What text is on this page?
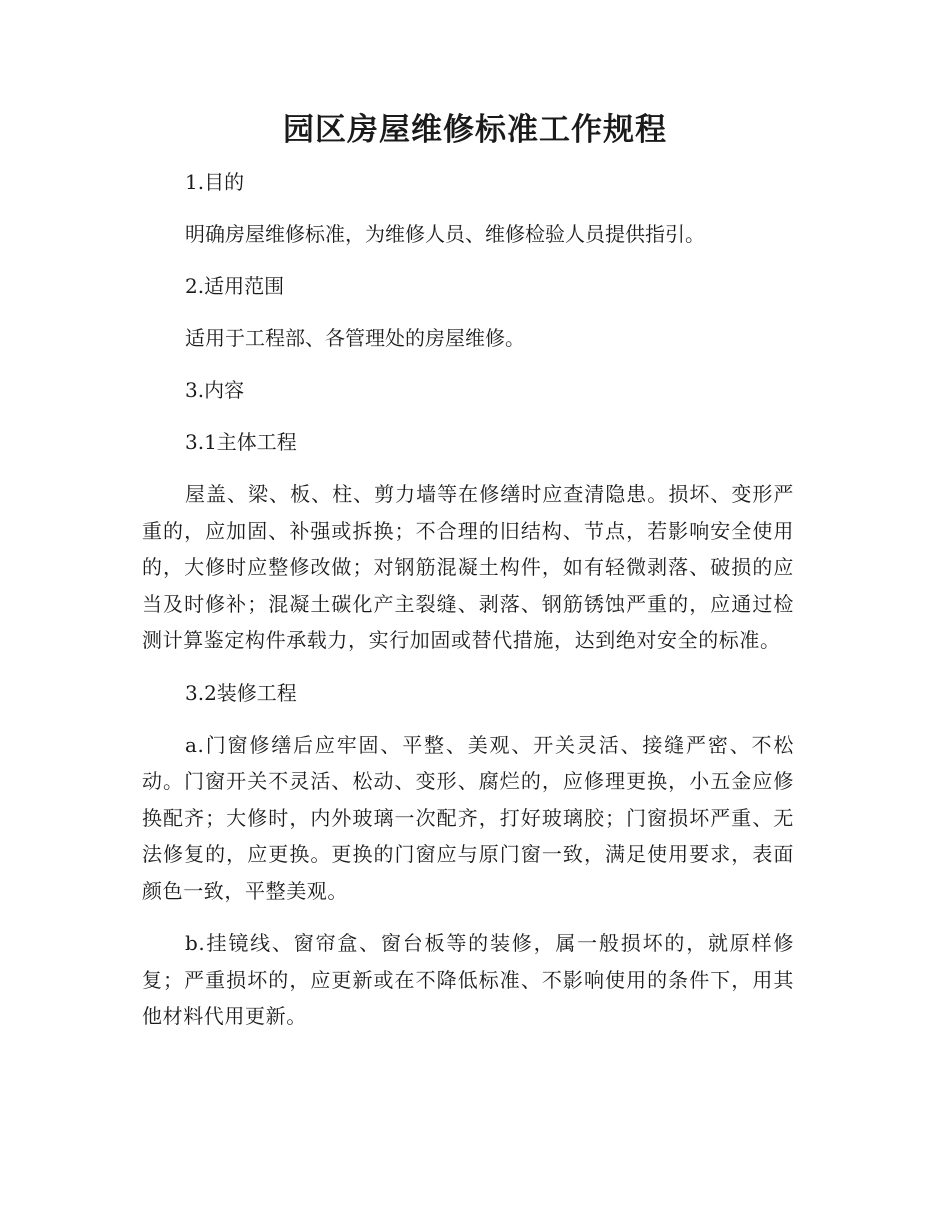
园区房屋维修标准工作规程

1.目的

明确房屋维修标准，为维修人员、维修检验人员提供指引。

2.适用范围

适用于工程部、各管理处的房屋维修。

3.内容

3.1主体工程

屋盖、梁、板、柱、剪力墙等在修缮时应查清隐患。损坏、变形严重的，应加固、补强或拆换；不合理的旧结构、节点，若影响安全使用的，大修时应整修改做；对钢筋混凝土构件，如有轻微剥落、破损的应当及时修补；混凝土碳化产主裂缝、剥落、钢筋锈蚀严重的，应通过检测计算鉴定构件承载力，实行加固或替代措施，达到绝对安全的标准。

3.2装修工程

a.门窗修缮后应牢固、平整、美观、开关灵活、接缝严密、不松动。门窗开关不灵活、松动、变形、腐烂的，应修理更换，小五金应修换配齐；大修时，内外玻璃一次配齐，打好玻璃胶；门窗损坏严重、无法修复的，应更换。更换的门窗应与原门窗一致，满足使用要求，表面颜色一致，平整美观。

b.挂镜线、窗帘盒、窗台板等的装修，属一般损坏的，就原样修复；严重损坏的，应更新或在不降低标准、不影响使用的条件下，用其他材料代用更新。
